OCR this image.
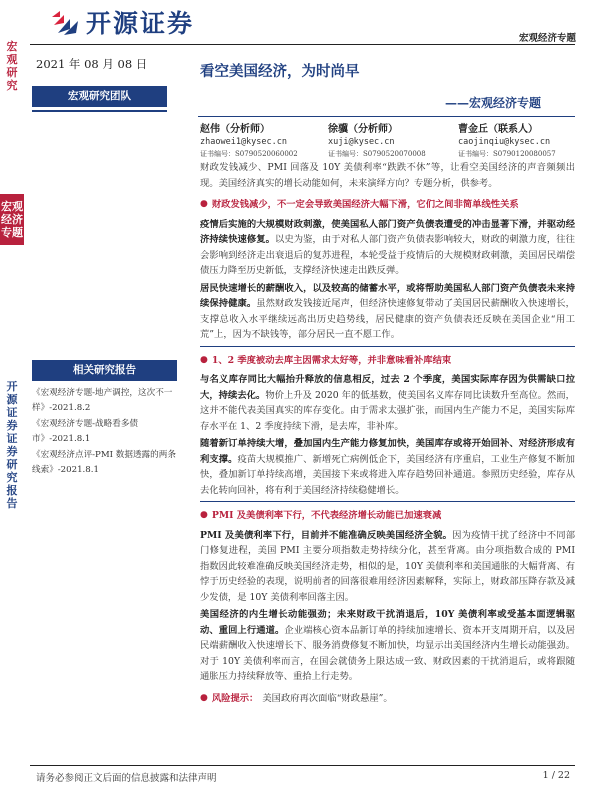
宏观研究
宏观经济专题
开源证券 证券研究报告
开源证券
宏观经济专题
2021 年 08 月 08 日
宏观研究团队
看空美国经济，为时尚早
——宏观经济专题
赵伟（分析师）
zhaowei1@kysec.cn
证书编号：S0790520060002
徐骥（分析师）
xuji@kysec.cn
证书编号：S0790520070008
曹金丘（联系人）
caojinqiu@kysec.cn
证书编号：S0790120080057

财政发钱减少、PMI 回落及 10Y 美债利率“跌跌不休”等，让看空美国经济的声音频频出现。美国经济真实的增长动能如何，未来演绎方向？专题分析，供参考。

● 财政发钱减少，不一定会导致美国经济大幅下滑，它们之间非简单线性关系

疫情后实施的大规模财政刺激，使美国私人部门资产负债表遭受的冲击显著下滑，并驱动经济持续快速修复。以史为鉴，由于对私人部门资产负债表影响较大，财政的刺激力度，往往会影响到经济走出衰退后的复苏进程，本轮受益于疫情后的大规模财政刺激，美国居民端偿债压力降至历史新低，支撑经济快速走出跌反弹。

居民快速增长的薪酬收入，以及较高的储蓄水平，或将帮助美国私人部门资产负债表未来持续保持健康。虽然财政发钱接近尾声，但经济快速修复带动了美国居民薪酬收入快速增长，支撑总收入水平继续远高出历史趋势线，居民健康的资产负债表还反映在美国企业“用工荒”上，因为不缺钱等，部分居民一直不愿工作。

● 1、2 季度被动去库主因需求太好等，并非意味看补库结束

与名义库存同比大幅抬升释放的信息相反，过去 2 个季度，美国实际库存因为供需缺口拉大，持续去化。物价上升及 2020 年的低基数，使美国名义库存同比读数升至高位。然而，这并不能代表美国真实的库存变化。由于需求太强扩张，而国内生产能力不足，美国实际库存水平在 1、2 季度持续下滑，是去库，非补库。

随着新订单持续大增，叠加国内生产能力修复加快，美国库存或将开始回补、对经济形成有利支撑。疫苗大规模推广、新增死亡病例低企下，美国经济有序重启，工业生产修复不断加快，叠加新订单持续高增，美国接下来或将进入库存趋势回补通道。参照历史经验，库存从去化转向回补，将有利于美国经济持续稳健增长。

● PMI 及美债利率下行，不代表经济增长动能已加速衰减

PMI 及美债利率下行，目前并不能准确反映美国经济全貌。因为疫情干扰了经济中不同部门修复进程，美国 PMI 主要分项指数走势持续分化，甚至背离。由分项指数合成的 PMI 指数因此较难准确反映美国经济走势，相似的是，10Y 美债利率和美国通胀的大幅背离、有悖于历史经验的表现，说明前者的回落很难用经济因素解释，实际上，财政部压降存款及减少发债，是 10Y 美债利率回落主因。

美国经济的内生增长动能强劲；未来财政干扰消退后，10Y 美债利率或受基本面逻辑驱动、重回上行通道。企业端核心资本品新订单的持续加速增长、资本开支周期开启，以及居民端薪酬收入快速增长下、服务消费修复不断加快，均显示出美国经济内生增长动能强劲。对于 10Y 美债利率而言，在国会就债务上限达成一致、财政因素的干扰消退后，或将跟随通胀压力持续释放等、重拾上行走势。

● 风险提示： 美国政府再次面临“财政悬崖”。
相关研究报告
《宏观经济专题-地产调控，这次不一样》-2021.8.2
《宏观经济专题-战略看多债市》-2021.8.1
《宏观经济点评-PMI 数据透露的两条线索》-2021.8.1
请务必参阅正文后面的信息披露和法律声明	1 / 22
